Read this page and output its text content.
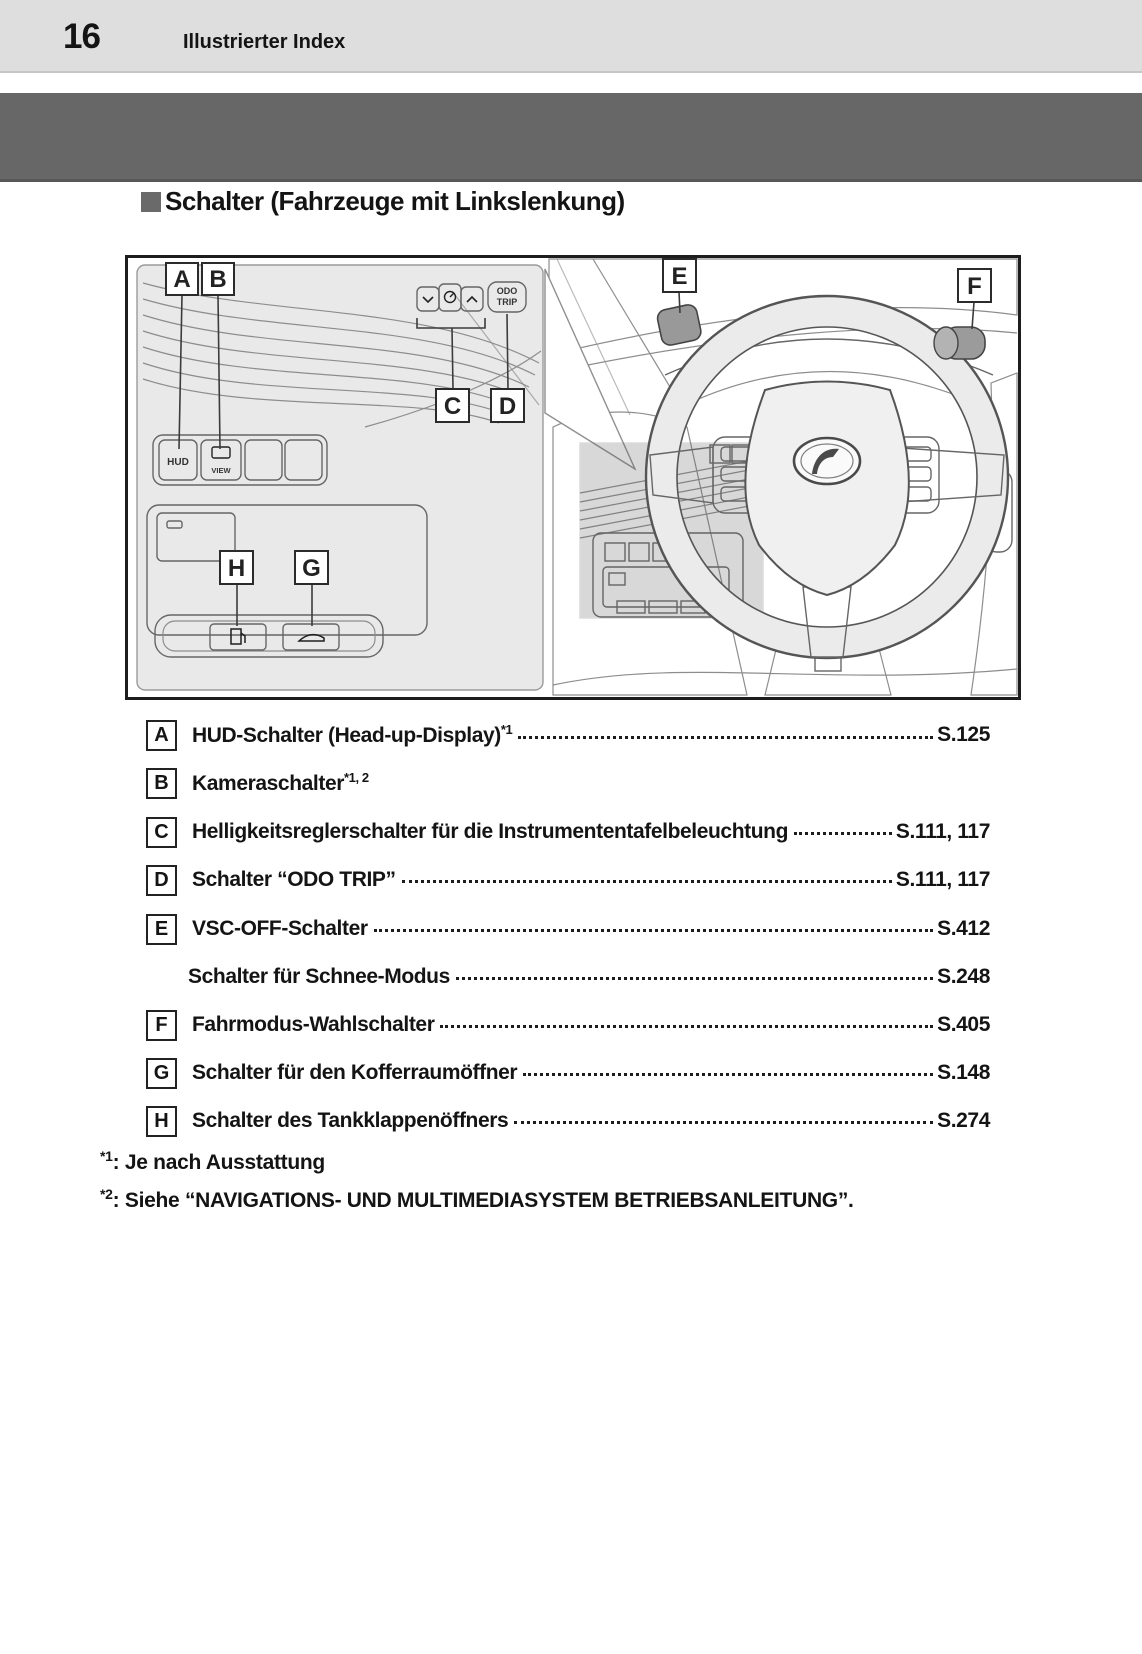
16	Illustrierter Index
Schalter (Fahrzeuge mit Linkslenkung)
ODO
TRIP
HUD
VIEW
A B
C D
E	F
H G
A	HUD-Schalter (Head-up-Display)$^{*1}$	S.125
B	Kameraschalter$^{*1, 2}$
C	Helligkeitsreglerschalter für die Instrumententafelbeleuchtung	S.111, 117
D	Schalter “ODO TRIP”	S.111, 117
E	VSC-OFF-Schalter	S.412
Schalter für Schnee-Modus	S.248
F	Fahrmodus-Wahlschalter	S.405
G	Schalter für den Kofferraumöffner	S.148
H	Schalter des Tankklappenöffners	S.274
$^{*1}$: Je nach Ausstattung
$^{*2}$: Siehe “NAVIGATIONS- UND MULTIMEDIASYSTEM BETRIEBSANLEITUNG”.
